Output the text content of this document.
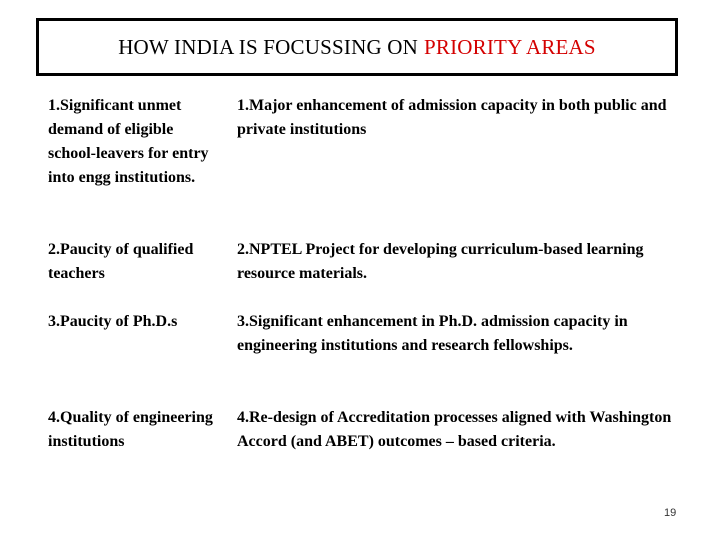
HOW INDIA IS FOCUSSING ON PRIORITY AREAS
1.Significant unmet demand of eligible school-leavers for entry into engg institutions.
1.Major enhancement of admission capacity in both public and private institutions
2.Paucity of qualified teachers
2.NPTEL Project for developing curriculum-based learning resource materials.
3.Paucity of Ph.D.s	3.Significant enhancement in Ph.D. admission capacity in engineering institutions and research fellowships.
4.Quality of engineering institutions
4.Re-design of Accreditation processes aligned with Washington Accord (and ABET) outcomes – based criteria.
19
